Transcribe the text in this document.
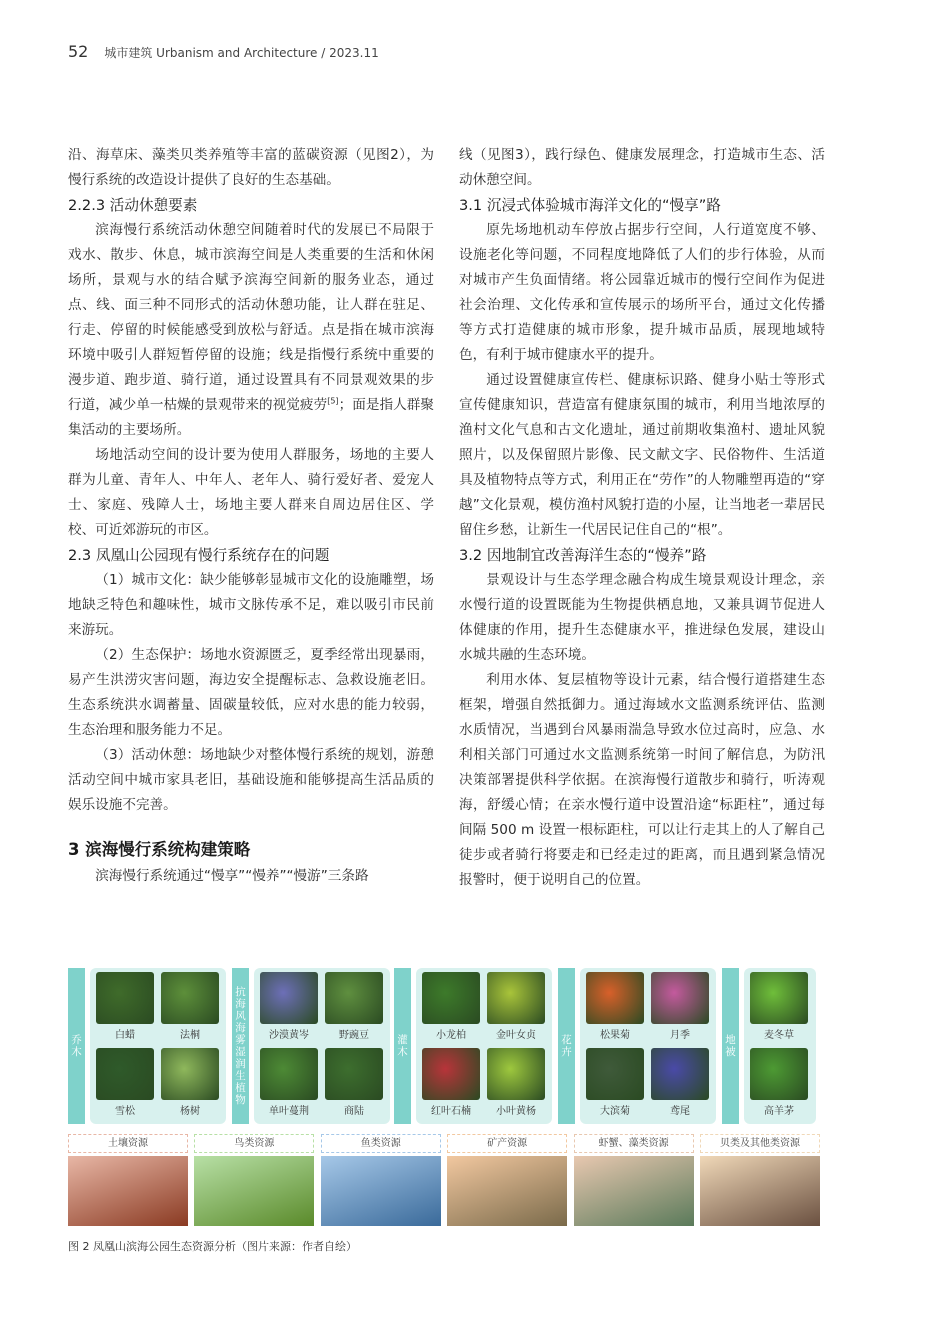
52 城市建筑 Urbanism and Architecture / 2023.11

沿、海草床、藻类贝类养殖等丰富的蓝碳资源（见图2），为慢行系统的改造设计提供了良好的生态基础。

2.2.3 活动休憩要素

滨海慢行系统活动休憩空间随着时代的发展已不局限于戏水、散步、休息，城市滨海空间是人类重要的生活和休闲场所，景观与水的结合赋予滨海空间新的服务业态，通过点、线、面三种不同形式的活动休憩功能，让人群在驻足、行走、停留的时候能感受到放松与舒适。点是指在城市滨海环境中吸引人群短暂停留的设施；线是指慢行系统中重要的漫步道、跑步道、骑行道，通过设置具有不同景观效果的步行道，减少单一枯燥的景观带来的视觉疲劳[5]；面是指人群聚集活动的主要场所。

场地活动空间的设计要为使用人群服务，场地的主要人群为儿童、青年人、中年人、老年人、骑行爱好者、爱宠人士、家庭、残障人士，场地主要人群来自周边居住区、学校、可近郊游玩的市区。

2.3 凤凰山公园现有慢行系统存在的问题

（1）城市文化：缺少能够彰显城市文化的设施雕塑，场地缺乏特色和趣味性，城市文脉传承不足，难以吸引市民前来游玩。

（2）生态保护：场地水资源匮乏，夏季经常出现暴雨，易产生洪涝灾害问题，海边安全提醒标志、急救设施老旧。生态系统洪水调蓄量、固碳量较低，应对水患的能力较弱，生态治理和服务能力不足。

（3）活动休憩：场地缺少对整体慢行系统的规划，游憩活动空间中城市家具老旧，基础设施和能够提高生活品质的娱乐设施不完善。

3 滨海慢行系统构建策略

滨海慢行系统通过“慢享”“慢养”“慢游”三条路

线（见图3），践行绿色、健康发展理念，打造城市生态、活动休憩空间。

3.1 沉浸式体验城市海洋文化的“慢享”路

原先场地机动车停放占据步行空间，人行道宽度不够、设施老化等问题，不同程度地降低了人们的步行体验，从而对城市产生负面情绪。将公园靠近城市的慢行空间作为促进社会治理、文化传承和宣传展示的场所平台，通过文化传播等方式打造健康的城市形象，提升城市品质，展现地域特色，有利于城市健康水平的提升。

通过设置健康宣传栏、健康标识路、健身小贴士等形式宣传健康知识，营造富有健康氛围的城市，利用当地浓厚的渔村文化气息和古文化遗址，通过前期收集渔村、遗址风貌照片，以及保留照片影像、民文献文字、民俗物件、生活道具及植物特点等方式，利用正在“劳作”的人物雕塑再造的“穿越”文化景观，模仿渔村风貌打造的小屋，让当地老一辈居民留住乡愁，让新生一代居民记住自己的“根”。

3.2 因地制宜改善海洋生态的“慢养”路

景观设计与生态学理念融合构成生境景观设计理念，亲水慢行道的设置既能为生物提供栖息地，又兼具调节促进人体健康的作用，提升生态健康水平，推进绿色发展，建设山水城共融的生态环境。

利用水体、复层植物等设计元素，结合慢行道搭建生态框架，增强自然抵御力。通过海域水文监测系统评估、监测水质情况，当遇到台风暴雨湍急导致水位过高时，应急、水利相关部门可通过水文监测系统第一时间了解信息，为防汛决策部署提供科学依据。在滨海慢行道散步和骑行，听涛观海，舒缓心情；在亲水慢行道中设置沿途“标距柱”，通过每间隔 500 m 设置一根标距柱，可以让行走其上的人了解自己徒步或者骑行将要走和已经走过的距离，而且遇到紧急情况报警时，便于说明自己的位置。

乔木
白蜡	法桐
雪松	杨树
抗海风海雾湿润生植物
沙漠黄岑	野豌豆
单叶蔓荆	商陆
灌木
小龙柏	金叶女贞
红叶石楠	小叶黄杨
花卉
松果菊	月季
大滨菊	鸢尾
地被
麦冬草
高羊茅
土壤资源	鸟类资源	鱼类资源	矿产资源	虾蟹、藻类资源	贝类及其他类资源
图 2 凤凰山滨海公园生态资源分析（图片来源：作者自绘）
